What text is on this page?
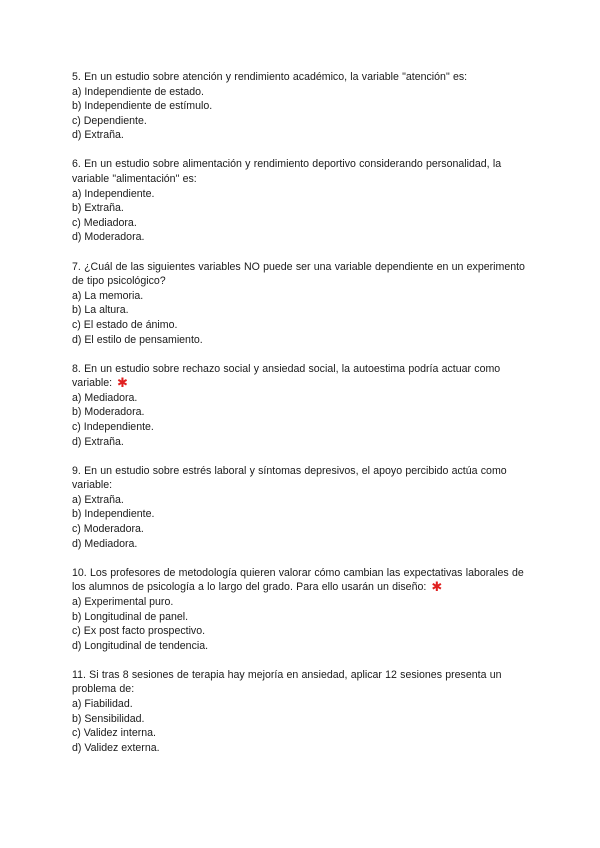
5. En un estudio sobre atención y rendimiento académico, la variable "atención" es:
a) Independiente de estado.
b) Independiente de estímulo.
c) Dependiente.
d) Extraña.
6. En un estudio sobre alimentación y rendimiento deportivo considerando personalidad, la variable "alimentación" es:
a) Independiente.
b) Extraña.
c) Mediadora.
d) Moderadora.
7. ¿Cuál de las siguientes variables NO puede ser una variable dependiente en un experimento de tipo psicológico?
a) La memoria.
b) La altura.
c) El estado de ánimo.
d) El estilo de pensamiento.
8. En un estudio sobre rechazo social y ansiedad social, la autoestima podría actuar como variable: ✱
a) Mediadora.
b) Moderadora.
c) Independiente.
d) Extraña.
9. En un estudio sobre estrés laboral y síntomas depresivos, el apoyo percibido actúa como variable:
a) Extraña.
b) Independiente.
c) Moderadora.
d) Mediadora.
10. Los profesores de metodología quieren valorar cómo cambian las expectativas laborales de los alumnos de psicología a lo largo del grado. Para ello usarán un diseño: ✱
a) Experimental puro.
b) Longitudinal de panel.
c) Ex post facto prospectivo.
d) Longitudinal de tendencia.
11. Si tras 8 sesiones de terapia hay mejoría en ansiedad, aplicar 12 sesiones presenta un problema de:
a) Fiabilidad.
b) Sensibilidad.
c) Validez interna.
d) Validez externa.
